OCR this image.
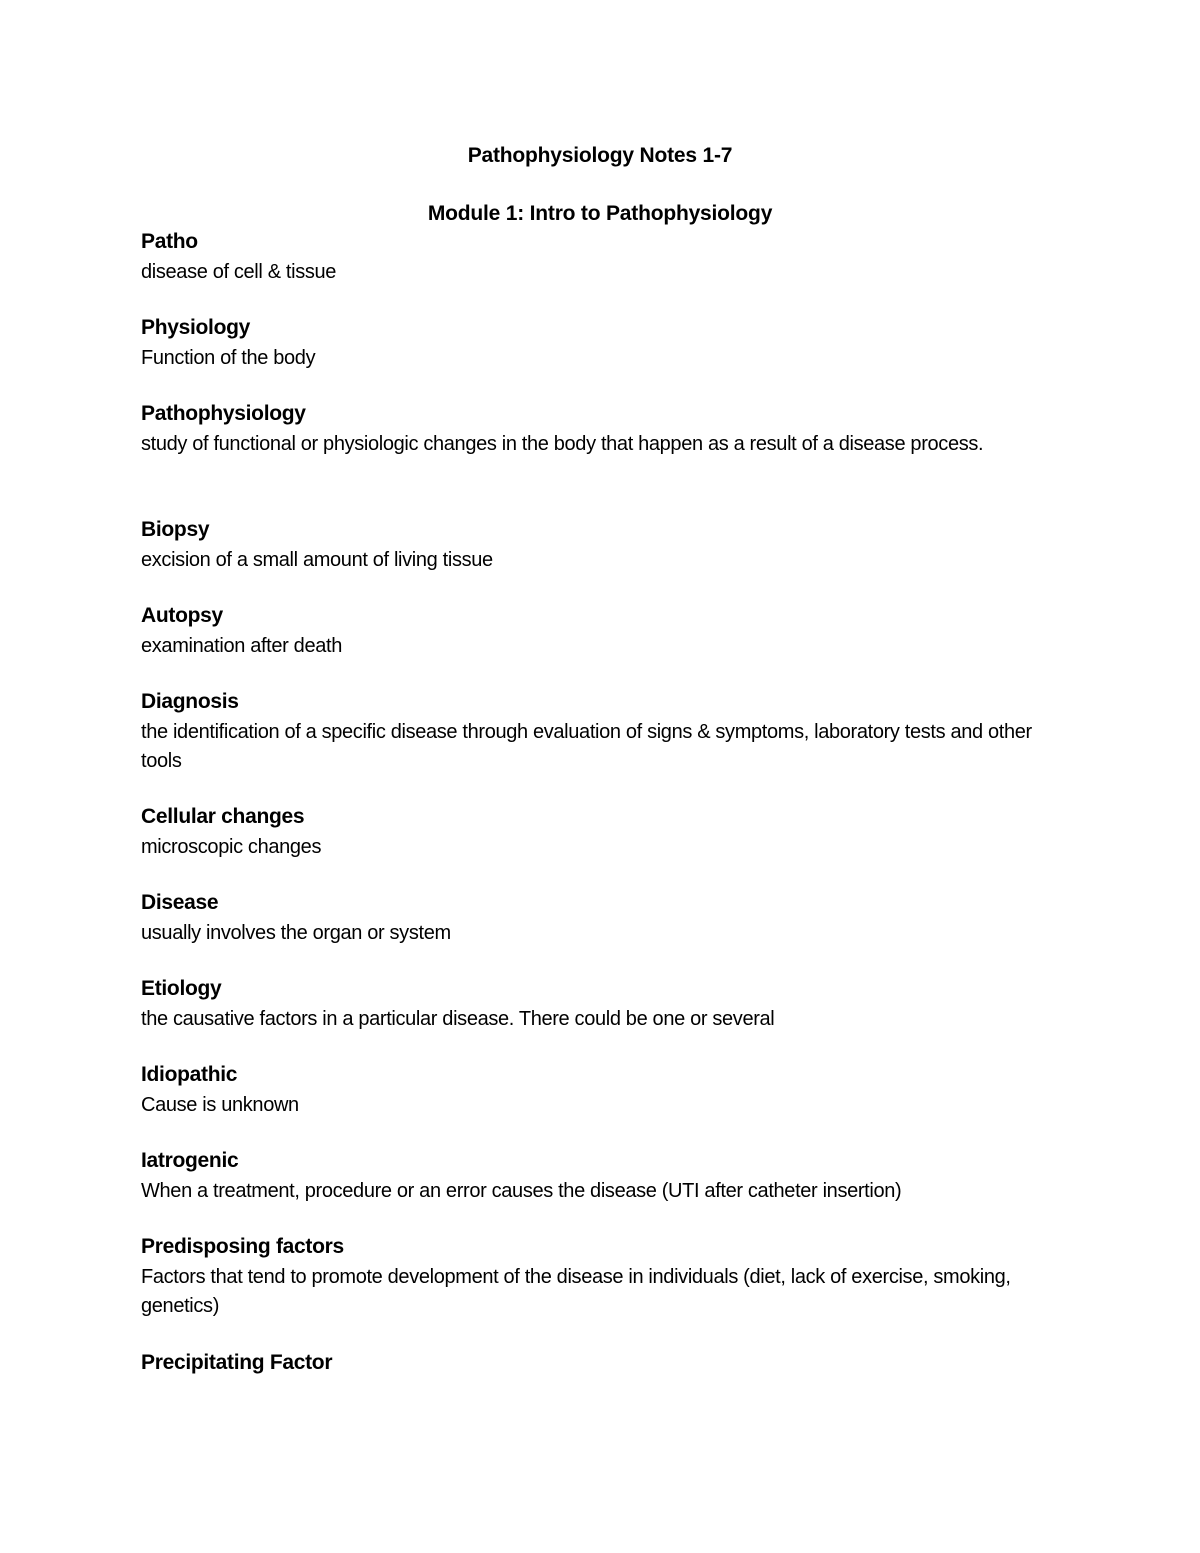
Pathophysiology Notes 1-7
Module 1: Intro to Pathophysiology
Patho
disease of cell & tissue
Physiology
Function of the body
Pathophysiology
study of functional or physiologic changes in the body that happen as a result of a disease process.
Biopsy
excision of a small amount of living tissue
Autopsy
examination after death
Diagnosis
the identification of a specific disease through evaluation of signs & symptoms, laboratory tests and other tools
Cellular changes
microscopic changes
Disease
usually involves the organ or system
Etiology
the causative factors in a particular disease. There could be one or several
Idiopathic
Cause is unknown
Iatrogenic
When a treatment, procedure or an error causes the disease (UTI after catheter insertion)
Predisposing factors
Factors that tend to promote development of the disease in individuals (diet, lack of exercise, smoking, genetics)
Precipitating Factor
